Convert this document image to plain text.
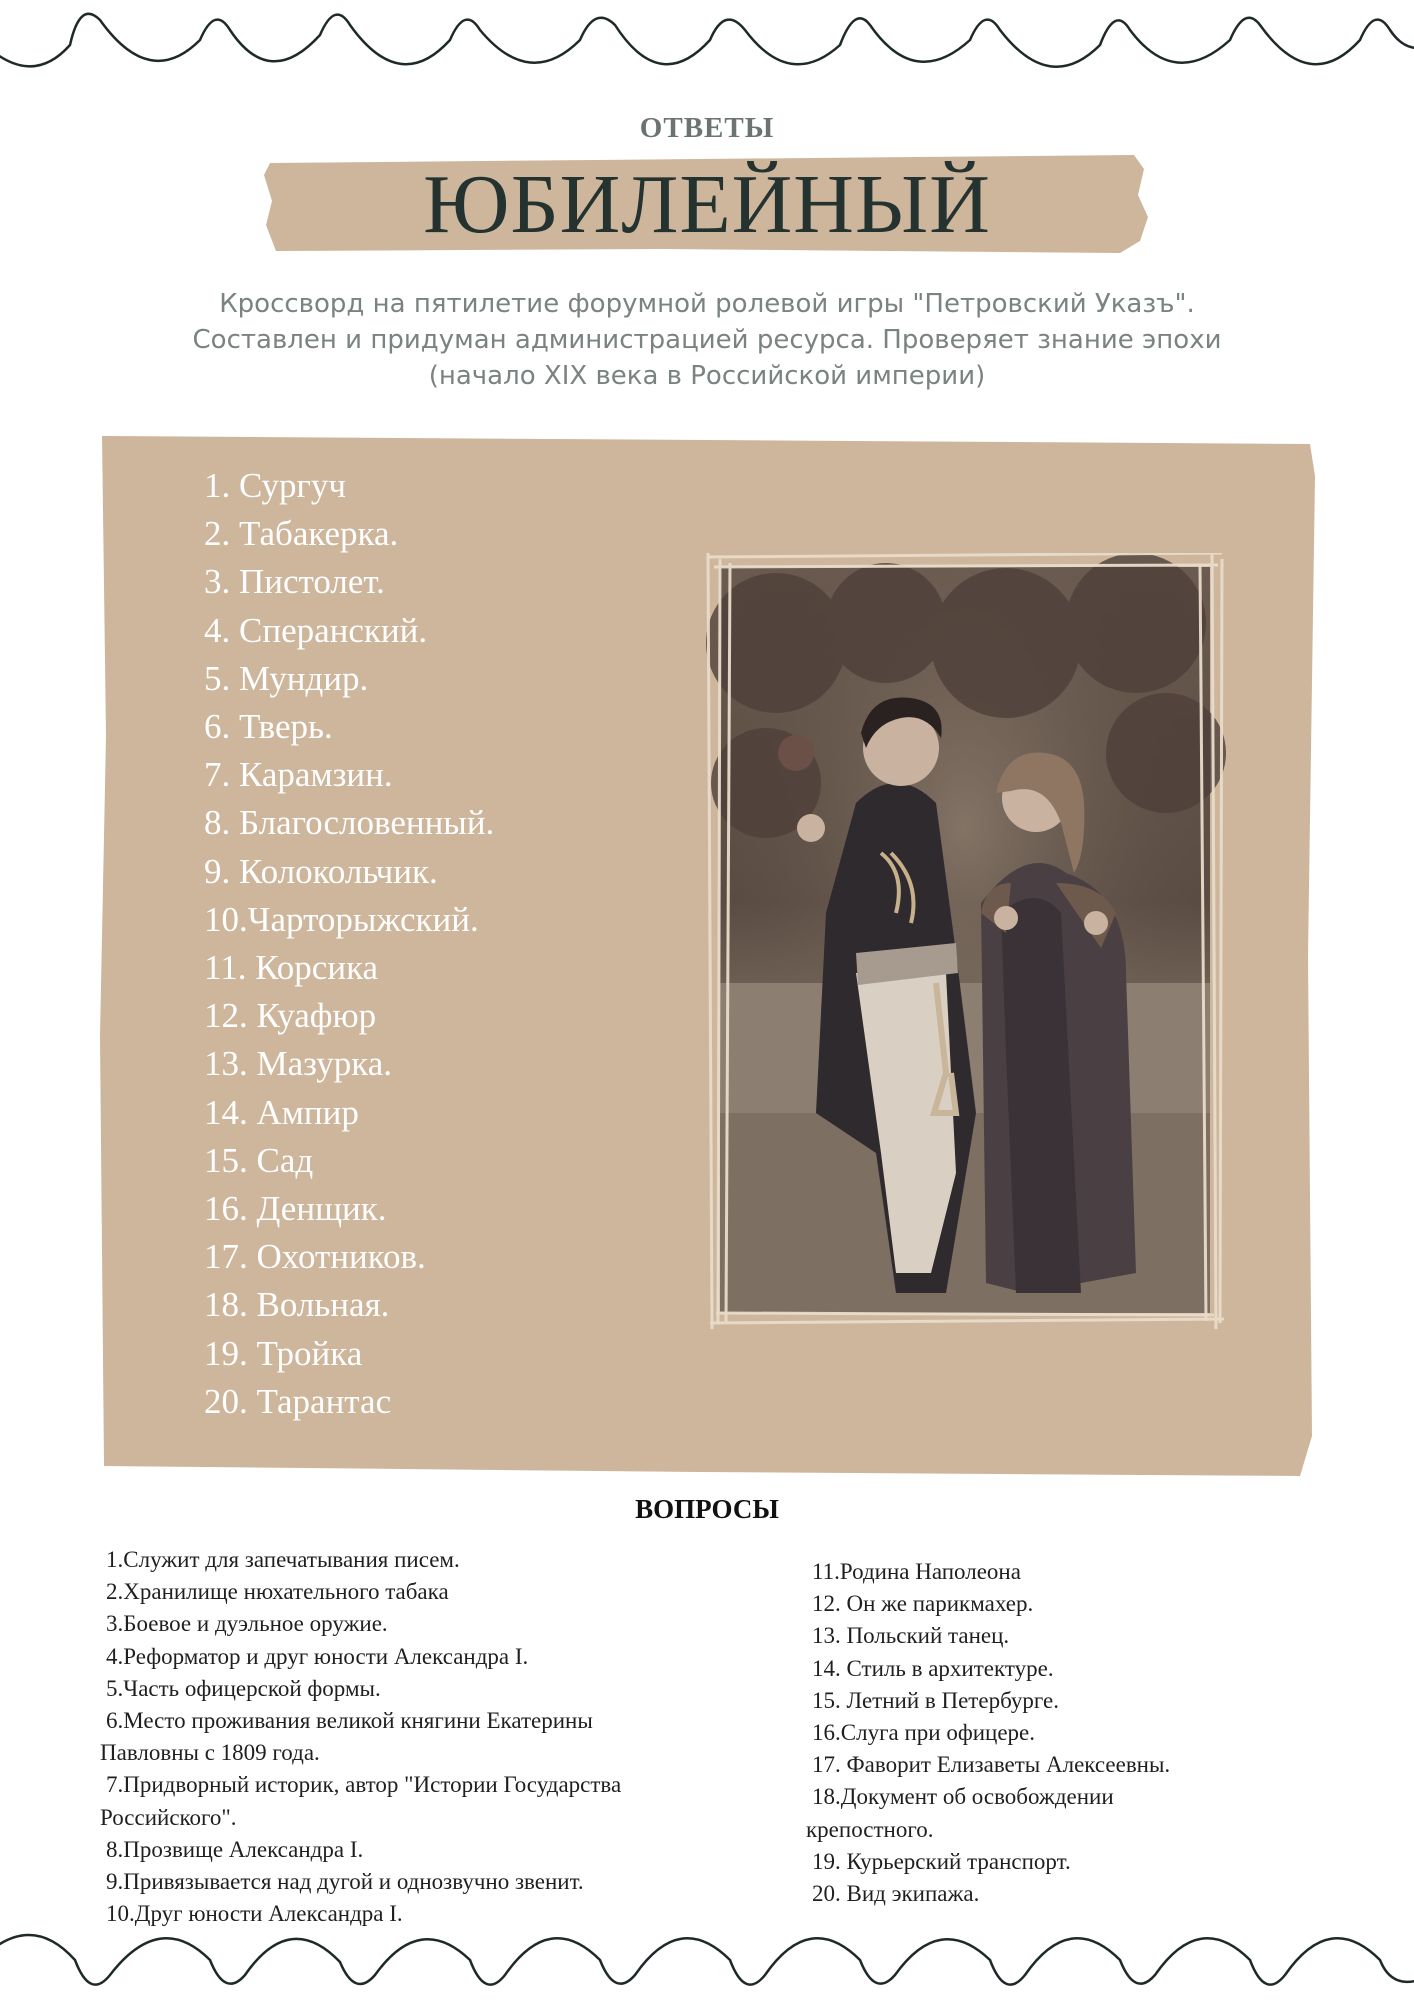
ОТВЕТЫ
ЮБИЛЕЙНЫЙ
Кроссворд на пятилетие форумной ролевой игры "Петровский Указъ".
Составлен и придуман администрацией ресурса. Проверяет знание эпохи
(начало XIX века в Российской империи)
1. Сургуч
2. Табакерка.
3. Пистолет.
4. Сперанский.
5. Мундир.
6. Тверь.
7. Карамзин.
8. Благословенный.
9. Колокольчик.
10.Чарторыжский.
11. Корсика
12. Куафюр
13. Мазурка.
14. Ампир
15. Сад
16. Денщик.
17. Охотников.
18. Вольная.
19. Тройка
20. Тарантас
ВОПРОСЫ
1.Служит для запечатывания писем.
2.Хранилище нюхательного табака
3.Боевое и дуэльное оружие.
4.Реформатор и друг юности Александра I.
5.Часть офицерской формы.
6.Место проживания великой княгини Екатерины
Павловны с 1809 года.
7.Придворный историк, автор "Истории Государства
Российского".
8.Прозвище Александра I.
9.Привязывается над дугой и однозвучно звенит.
10.Друг юности Александра I.
11.Родина Наполеона
12. Он же парикмахер.
13. Польский танец.
14. Стиль в архитектуре.
15. Летний в Петербурге.
16.Слуга при офицере.
17. Фаворит Елизаветы Алексеевны.
18.Документ об освобождении
крепостного.
19. Курьерский транспорт.
20. Вид экипажа.
